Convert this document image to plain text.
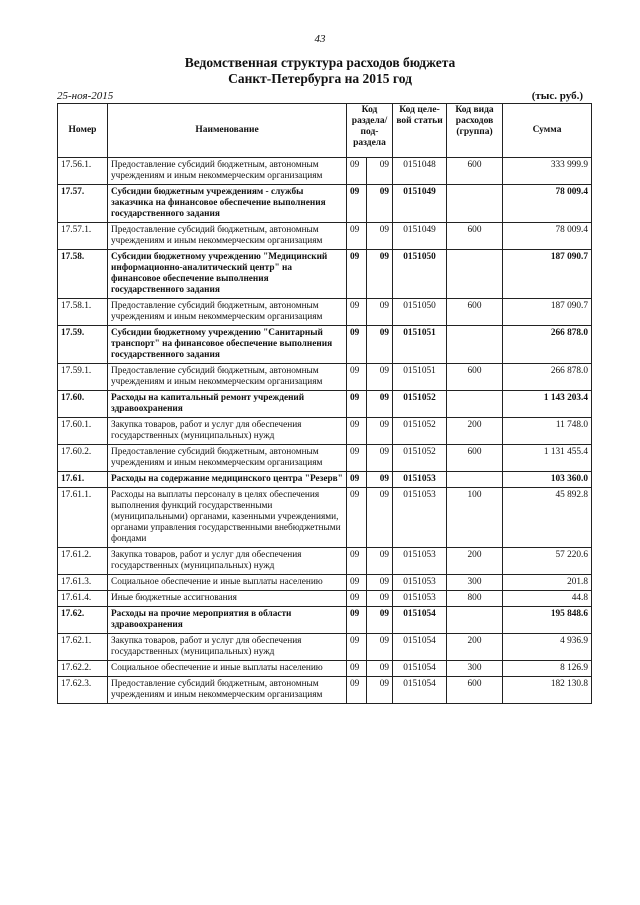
43
Ведомственная структура расходов бюджета
Санкт-Петербурга на 2015 год
25-ноя-2015	(тыс. руб.)
Номер	Наименование	Код раздела/ под- раздела		Код целе- вой статьи	Код вида расходов (группа)	Сумма
17.56.1.	Предоставление субсидий бюджетным, автономным учреждениям и иным некоммерческим организациям	09	09	0151048	600	333 999.9
17.57.	Субсидии бюджетным учреждениям - службы заказчика на финансовое обеспечение выполнения государственного задания	09	09	0151049		78 009.4
17.57.1.	Предоставление субсидий бюджетным, автономным учреждениям и иным некоммерческим организациям	09	09	0151049	600	78 009.4
17.58.	Субсидии бюджетному учреждению "Медицинский информационно-аналитический центр" на финансовое обеспечение выполнения государственного задания	09	09	0151050		187 090.7
17.58.1.	Предоставление субсидий бюджетным, автономным учреждениям и иным некоммерческим организациям	09	09	0151050	600	187 090.7
17.59.	Субсидии бюджетному учреждению "Санитарный транспорт" на финансовое обеспечение выполнения государственного задания	09	09	0151051		266 878.0
17.59.1.	Предоставление субсидий бюджетным, автономным учреждениям и иным некоммерческим организациям	09	09	0151051	600	266 878.0
17.60.	Расходы на капитальный ремонт учреждений здравоохранения	09	09	0151052		1 143 203.4
17.60.1.	Закупка товаров, работ и услуг для обеспечения государственных (муниципальных) нужд	09	09	0151052	200	11 748.0
17.60.2.	Предоставление субсидий бюджетным, автономным учреждениям и иным некоммерческим организациям	09	09	0151052	600	1 131 455.4
17.61.	Расходы на содержание медицинского центра "Резерв"	09	09	0151053		103 360.0
17.61.1.	Расходы на выплаты персоналу в целях обеспечения выполнения функций государственными (муниципальными) органами, казенными учреждениями, органами управления государственными внебюджетными фондами	09	09	0151053	100	45 892.8
17.61.2.	Закупка товаров, работ и услуг для обеспечения государственных (муниципальных) нужд	09	09	0151053	200	57 220.6
17.61.3.	Социальное обеспечение и иные выплаты населению	09	09	0151053	300	201.8
17.61.4.	Иные бюджетные ассигнования	09	09	0151053	800	44.8
17.62.	Расходы на прочие мероприятия в области здравоохранения	09	09	0151054		195 848.6
17.62.1.	Закупка товаров, работ и услуг для обеспечения государственных (муниципальных) нужд	09	09	0151054	200	4 936.9
17.62.2.	Социальное обеспечение и иные выплаты населению	09	09	0151054	300	8 126.9
17.62.3.	Предоставление субсидий бюджетным, автономным учреждениям и иным некоммерческим организациям	09	09	0151054	600	182 130.8
